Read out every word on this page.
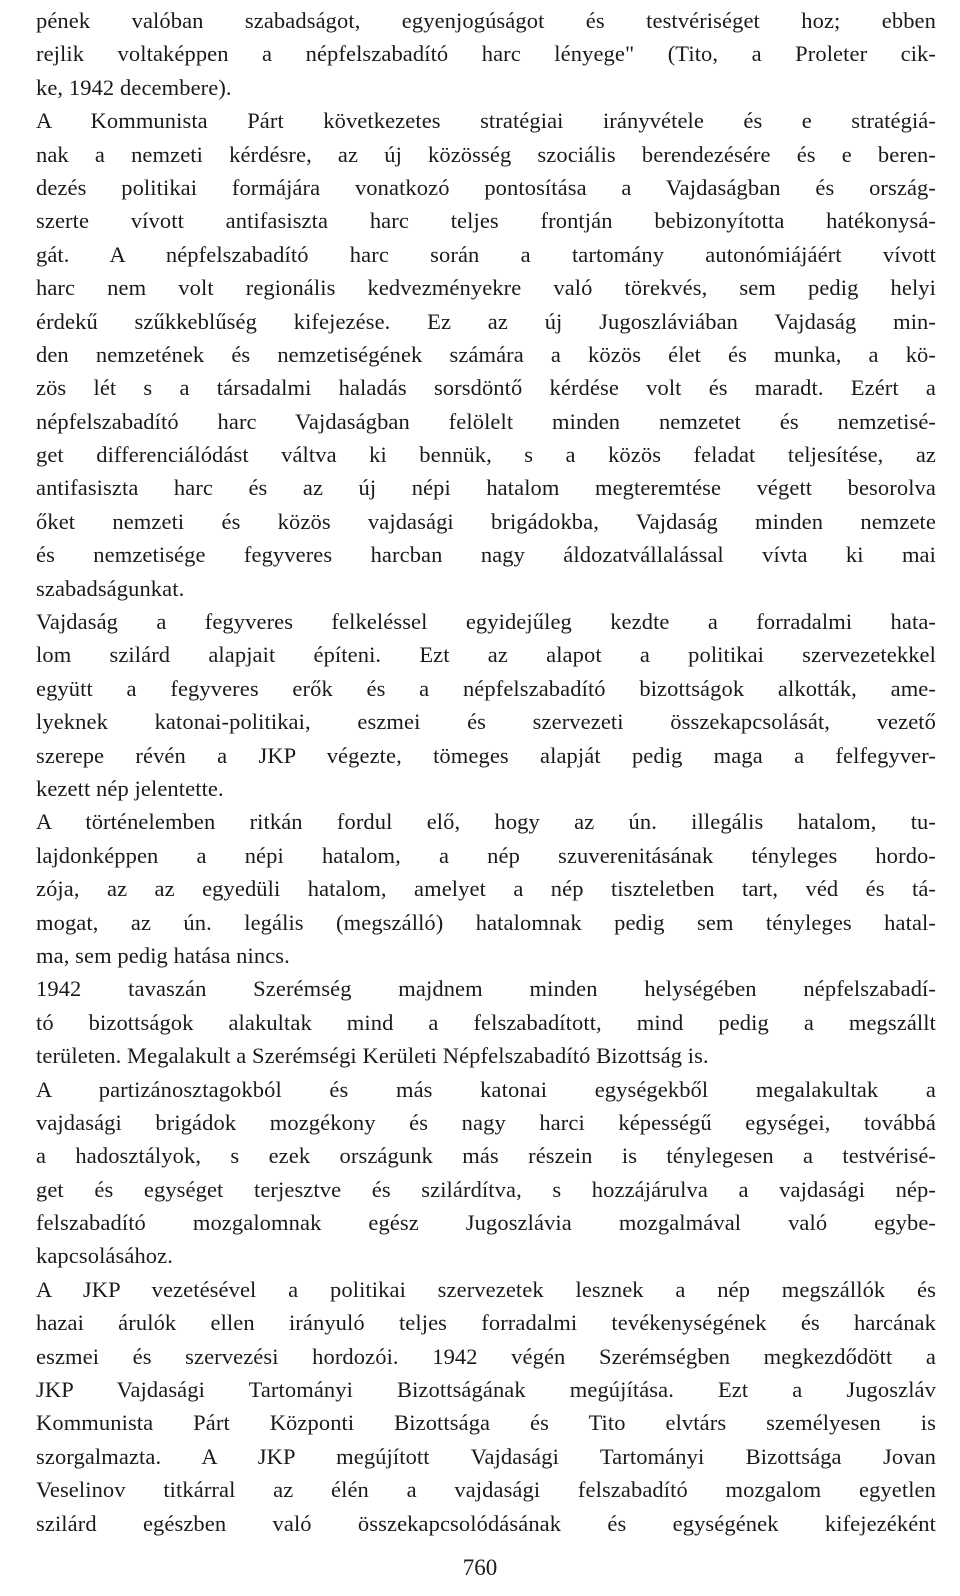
pének valóban szabadságot, egyenjogúságot és testvériséget hoz; ebben
rejlik voltaképpen a népfelszabadító harc lényege" (Tito, a Proleter cik-
ke, 1942 decembere).
A Kommunista Párt következetes stratégiai irányvétele és e stratégiá-
nak a nemzeti kérdésre, az új közösség szociális berendezésére és e beren-
dezés politikai formájára vonatkozó pontosítása a Vajdaságban és ország-
szerte vívott antifasiszta harc teljes frontján bebizonyította hatékonysá-
gát. A népfelszabadító harc során a tartomány autonómiájáért vívott
harc nem volt regionális kedvezményekre való törekvés, sem pedig helyi
érdekű szűkkeblűség kifejezése. Ez az új Jugoszláviában Vajdaság min-
den nemzetének és nemzetiségének számára a közös élet és munka, a kö-
zös lét s a társadalmi haladás sorsdöntő kérdése volt és maradt. Ezért a
népfelszabadító harc Vajdaságban felölelt minden nemzetet és nemzetisé-
get differenciálódást váltva ki bennük, s a közös feladat teljesítése, az
antifasiszta harc és az új népi hatalom megteremtése végett besorolva
őket nemzeti és közös vajdasági brigádokba, Vajdaság minden nemzete
és nemzetisége fegyveres harcban nagy áldozatvállalással vívta ki mai
szabadságunkat.
Vajdaság a fegyveres felkeléssel egyidejűleg kezdte a forradalmi hata-
lom szilárd alapjait építeni. Ezt az alapot a politikai szervezetekkel
együtt a fegyveres erők és a népfelszabadító bizottságok alkották, ame-
lyeknek katonai-politikai, eszmei és szervezeti összekapcsolását, vezető
szerepe révén a JKP végezte, tömeges alapját pedig maga a felfegyver-
kezett nép jelentette.
A történelemben ritkán fordul elő, hogy az ún. illegális hatalom, tu-
lajdonképpen a népi hatalom, a nép szuverenitásának tényleges hordo-
zója, az az egyedüli hatalom, amelyet a nép tiszteletben tart, véd és tá-
mogat, az ún. legális (megszálló) hatalomnak pedig sem tényleges hatal-
ma, sem pedig hatása nincs.
1942 tavaszán Szerémség majdnem minden helységében népfelszabadí-
tó bizottságok alakultak mind a felszabadított, mind pedig a megszállt
területen. Megalakult a Szerémségi Kerületi Népfelszabadító Bizottság is.
A partizánosztagokból és más katonai egységekből megalakultak a
vajdasági brigádok mozgékony és nagy harci képességű egységei, továbbá
a hadosztályok, s ezek országunk más részein is ténylegesen a testvérisé-
get és egységet terjesztve és szilárdítva, s hozzájárulva a vajdasági nép-
felszabadító mozgalomnak egész Jugoszlávia mozgalmával való egybe-
kapcsolásához.
A JKP vezetésével a politikai szervezetek lesznek a nép megszállók és
hazai árulók ellen irányuló teljes forradalmi tevékenységének és harcának
eszmei és szervezési hordozói. 1942 végén Szerémségben megkezdődött a
JKP Vajdasági Tartományi Bizottságának megújítása. Ezt a Jugoszláv
Kommunista Párt Központi Bizottsága és Tito elvtárs személyesen is
szorgalmazta. A JKP megújított Vajdasági Tartományi Bizottsága Jovan
Veselinov titkárral az élén a vajdasági felszabadító mozgalom egyetlen
szilárd egészben való összekapcsolódásának és egységének kifejezéként
760
